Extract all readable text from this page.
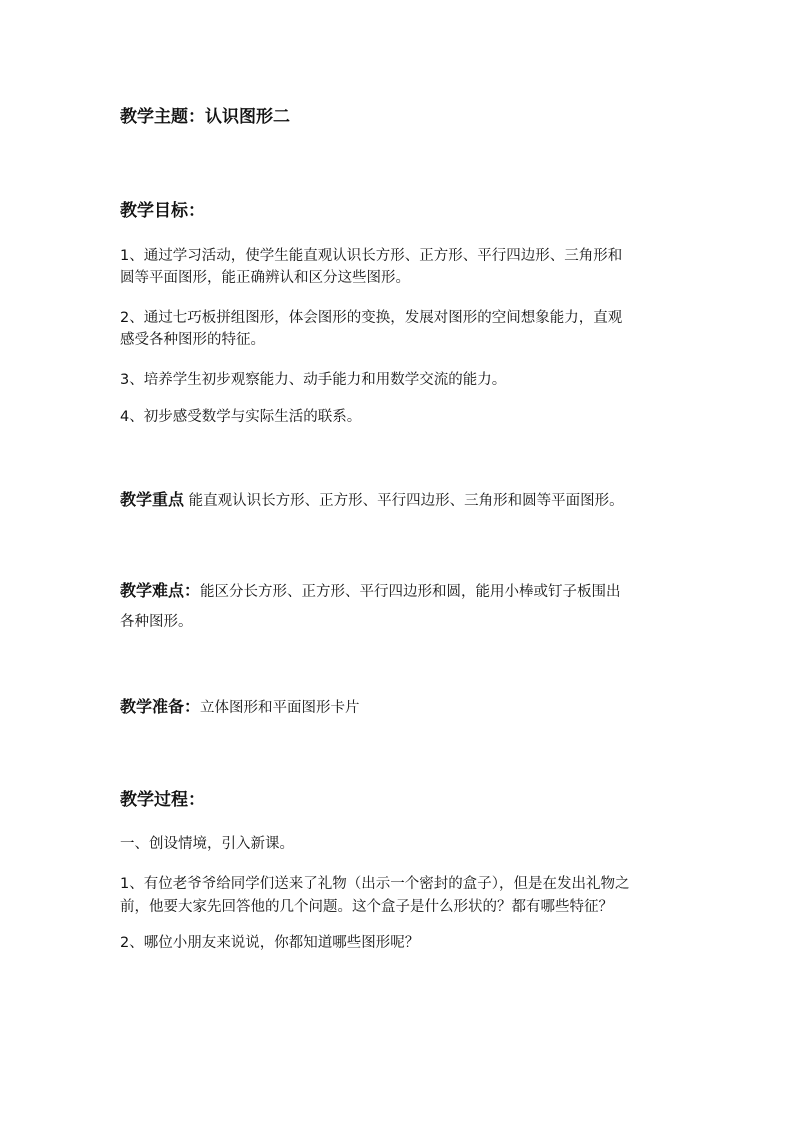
教学主题：认识图形二
教学目标：
1、通过学习活动，使学生能直观认识长方形、正方形、平行四边形、三角形和
圆等平面图形，能正确辨认和区分这些图形。
2、通过七巧板拼组图形，体会图形的变换，发展对图形的空间想象能力，直观
感受各种图形的特征。
3、培养学生初步观察能力、动手能力和用数学交流的能力。
4、初步感受数学与实际生活的联系。
教学重点 能直观认识长方形、正方形、平行四边形、三角形和圆等平面图形。
教学难点：能区分长方形、正方形、平行四边形和圆，能用小棒或钉子板围出
各种图形。
教学准备：立体图形和平面图形卡片
教学过程：
一、创设情境，引入新课。
1、有位老爷爷给同学们送来了礼物（出示一个密封的盒子），但是在发出礼物之
前，他要大家先回答他的几个问题。这个盒子是什么形状的？都有哪些特征？
2、哪位小朋友来说说，你都知道哪些图形呢？
